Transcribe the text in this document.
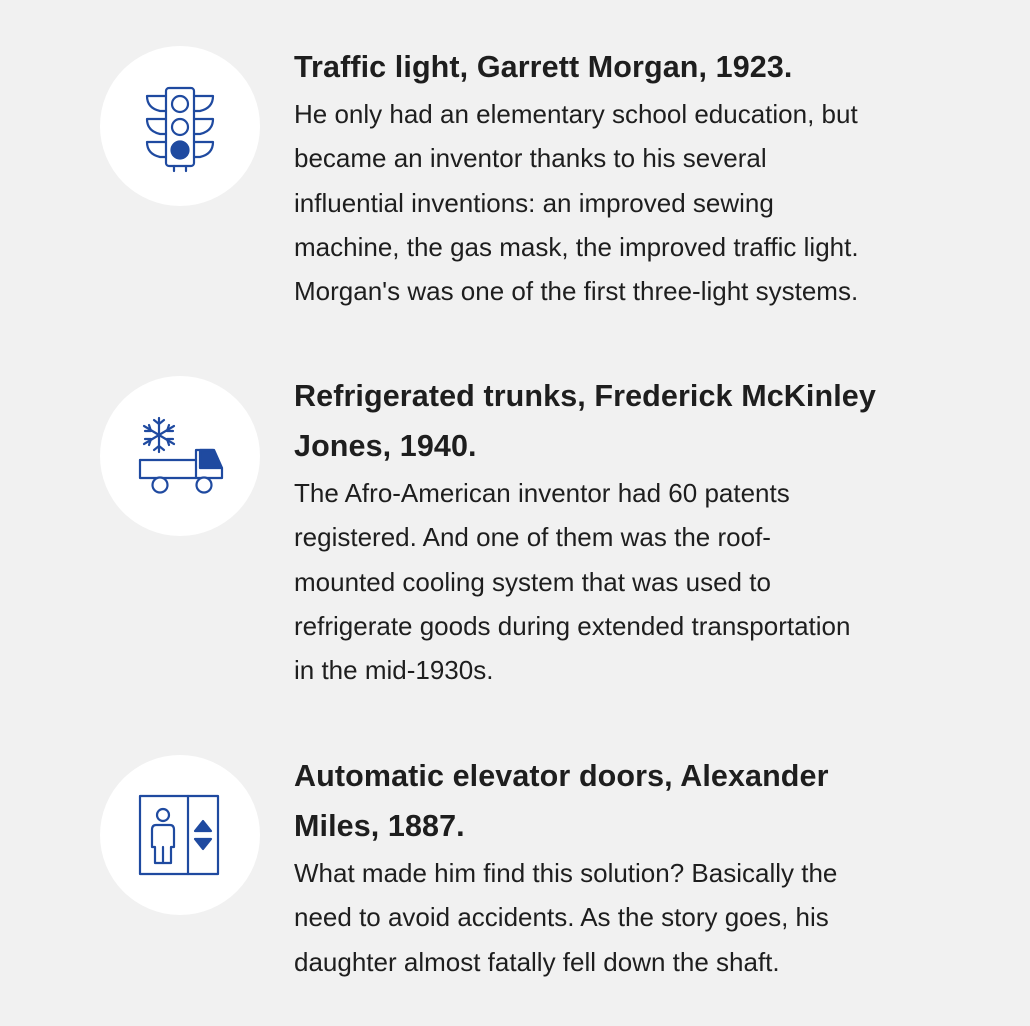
Traffic light, Garrett Morgan, 1923.
He only had an elementary school education, but
became an inventor thanks to his several
influential inventions: an improved sewing
machine, the gas mask, the improved traffic light.
Morgan's was one of the first three-light systems.
Refrigerated trunks, Frederick McKinley
Jones, 1940.
The Afro-American inventor had 60 patents
registered. And one of them was the roof-
mounted cooling system that was used to
refrigerate goods during extended transportation
in the mid-1930s.
Automatic elevator doors, Alexander
Miles, 1887.
What made him find this solution? Basically the
need to avoid accidents. As the story goes, his
daughter almost fatally fell down the shaft.
